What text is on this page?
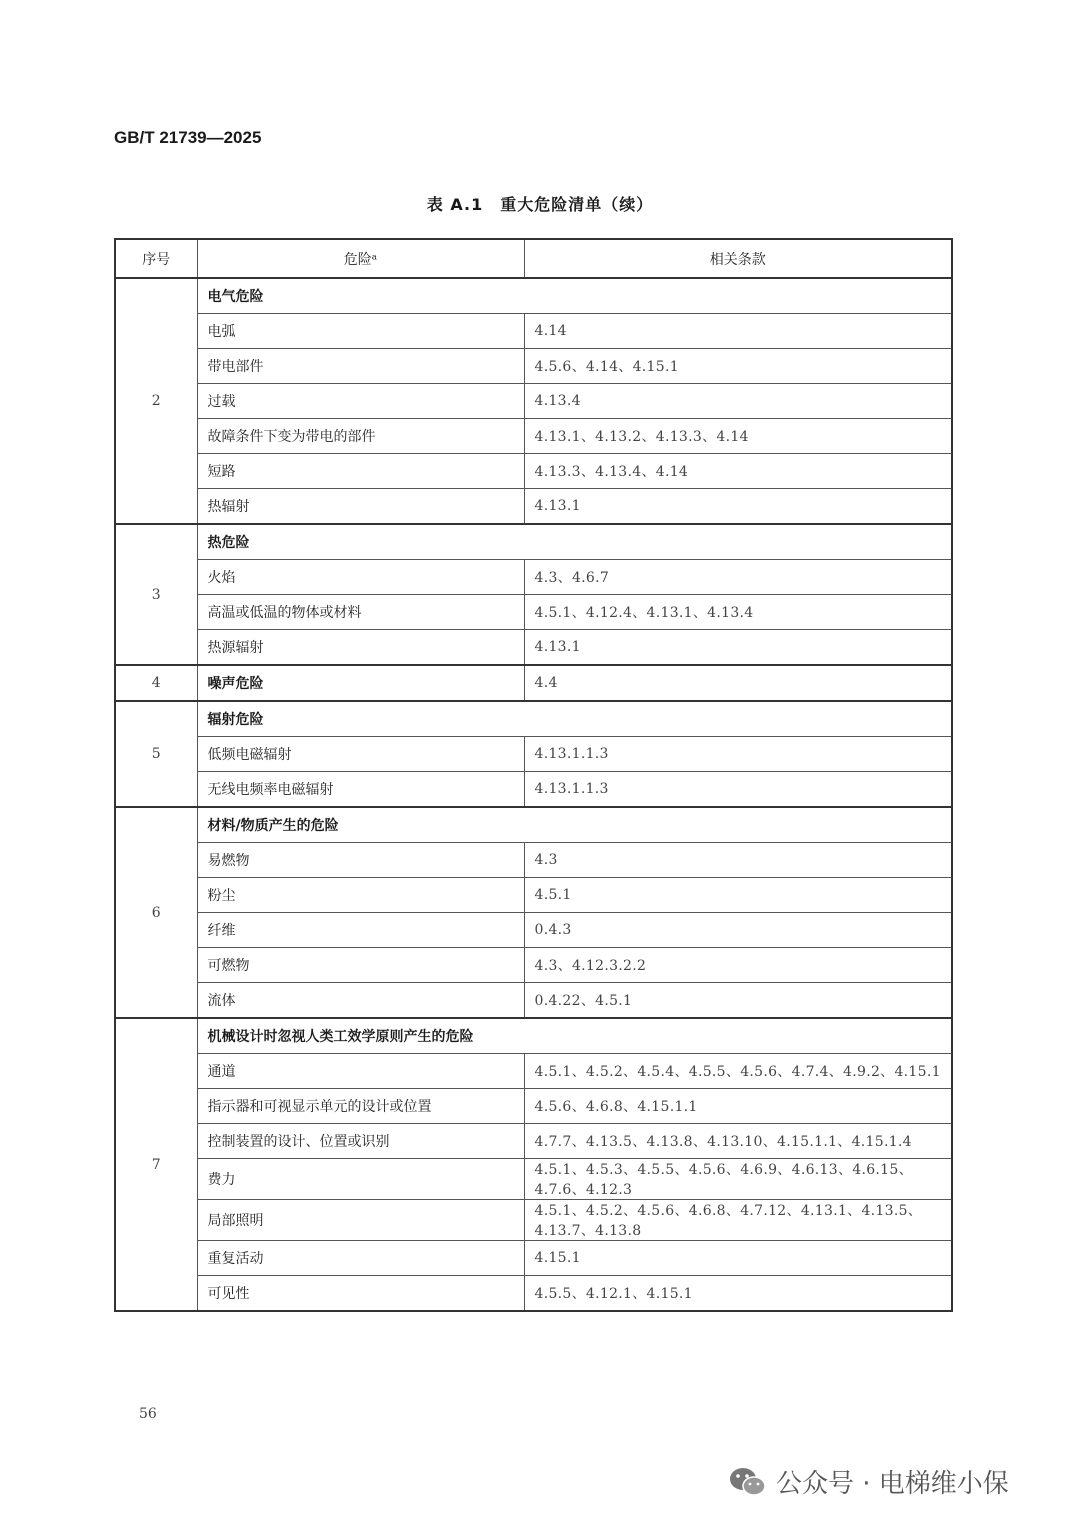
GB/T 21739—2025
表 A.1　重大危险清单（续）
序号	危险ᵃ	相关条款
2	电气危险	
	电弧	4.14
	带电部件	4.5.6、4.14、4.15.1
	过载	4.13.4
	故障条件下变为带电的部件	4.13.1、4.13.2、4.13.3、4.14
	短路	4.13.3、4.13.4、4.14
	热辐射	4.13.1
3	热危险	
	火焰	4.3、4.6.7
	高温或低温的物体或材料	4.5.1、4.12.4、4.13.1、4.13.4
	热源辐射	4.13.1
4	噪声危险	4.4
5	辐射危险	
	低频电磁辐射	4.13.1.1.3
	无线电频率电磁辐射	4.13.1.1.3
6	材料/物质产生的危险	
	易燃物	4.3
	粉尘	4.5.1
	纤维	0.4.3
	可燃物	4.3、4.12.3.2.2
	流体	0.4.22、4.5.1
7	机械设计时忽视人类工效学原则产生的危险	
	通道	4.5.1、4.5.2、4.5.4、4.5.5、4.5.6、4.7.4、4.9.2、4.15.1
	指示器和可视显示单元的设计或位置	4.5.6、4.6.8、4.15.1.1
	控制装置的设计、位置或识别	4.7.7、4.13.5、4.13.8、4.13.10、4.15.1.1、4.15.1.4
	费力	4.5.1、4.5.3、4.5.5、4.5.6、4.6.9、4.6.13、4.6.15、4.7.6、4.12.3
	局部照明	4.5.1、4.5.2、4.5.6、4.6.8、4.7.12、4.13.1、4.13.5、4.13.7、4.13.8
	重复活动	4.15.1
	可见性	4.5.5、4.12.1、4.15.1
56
公众号 · 电梯维小保
